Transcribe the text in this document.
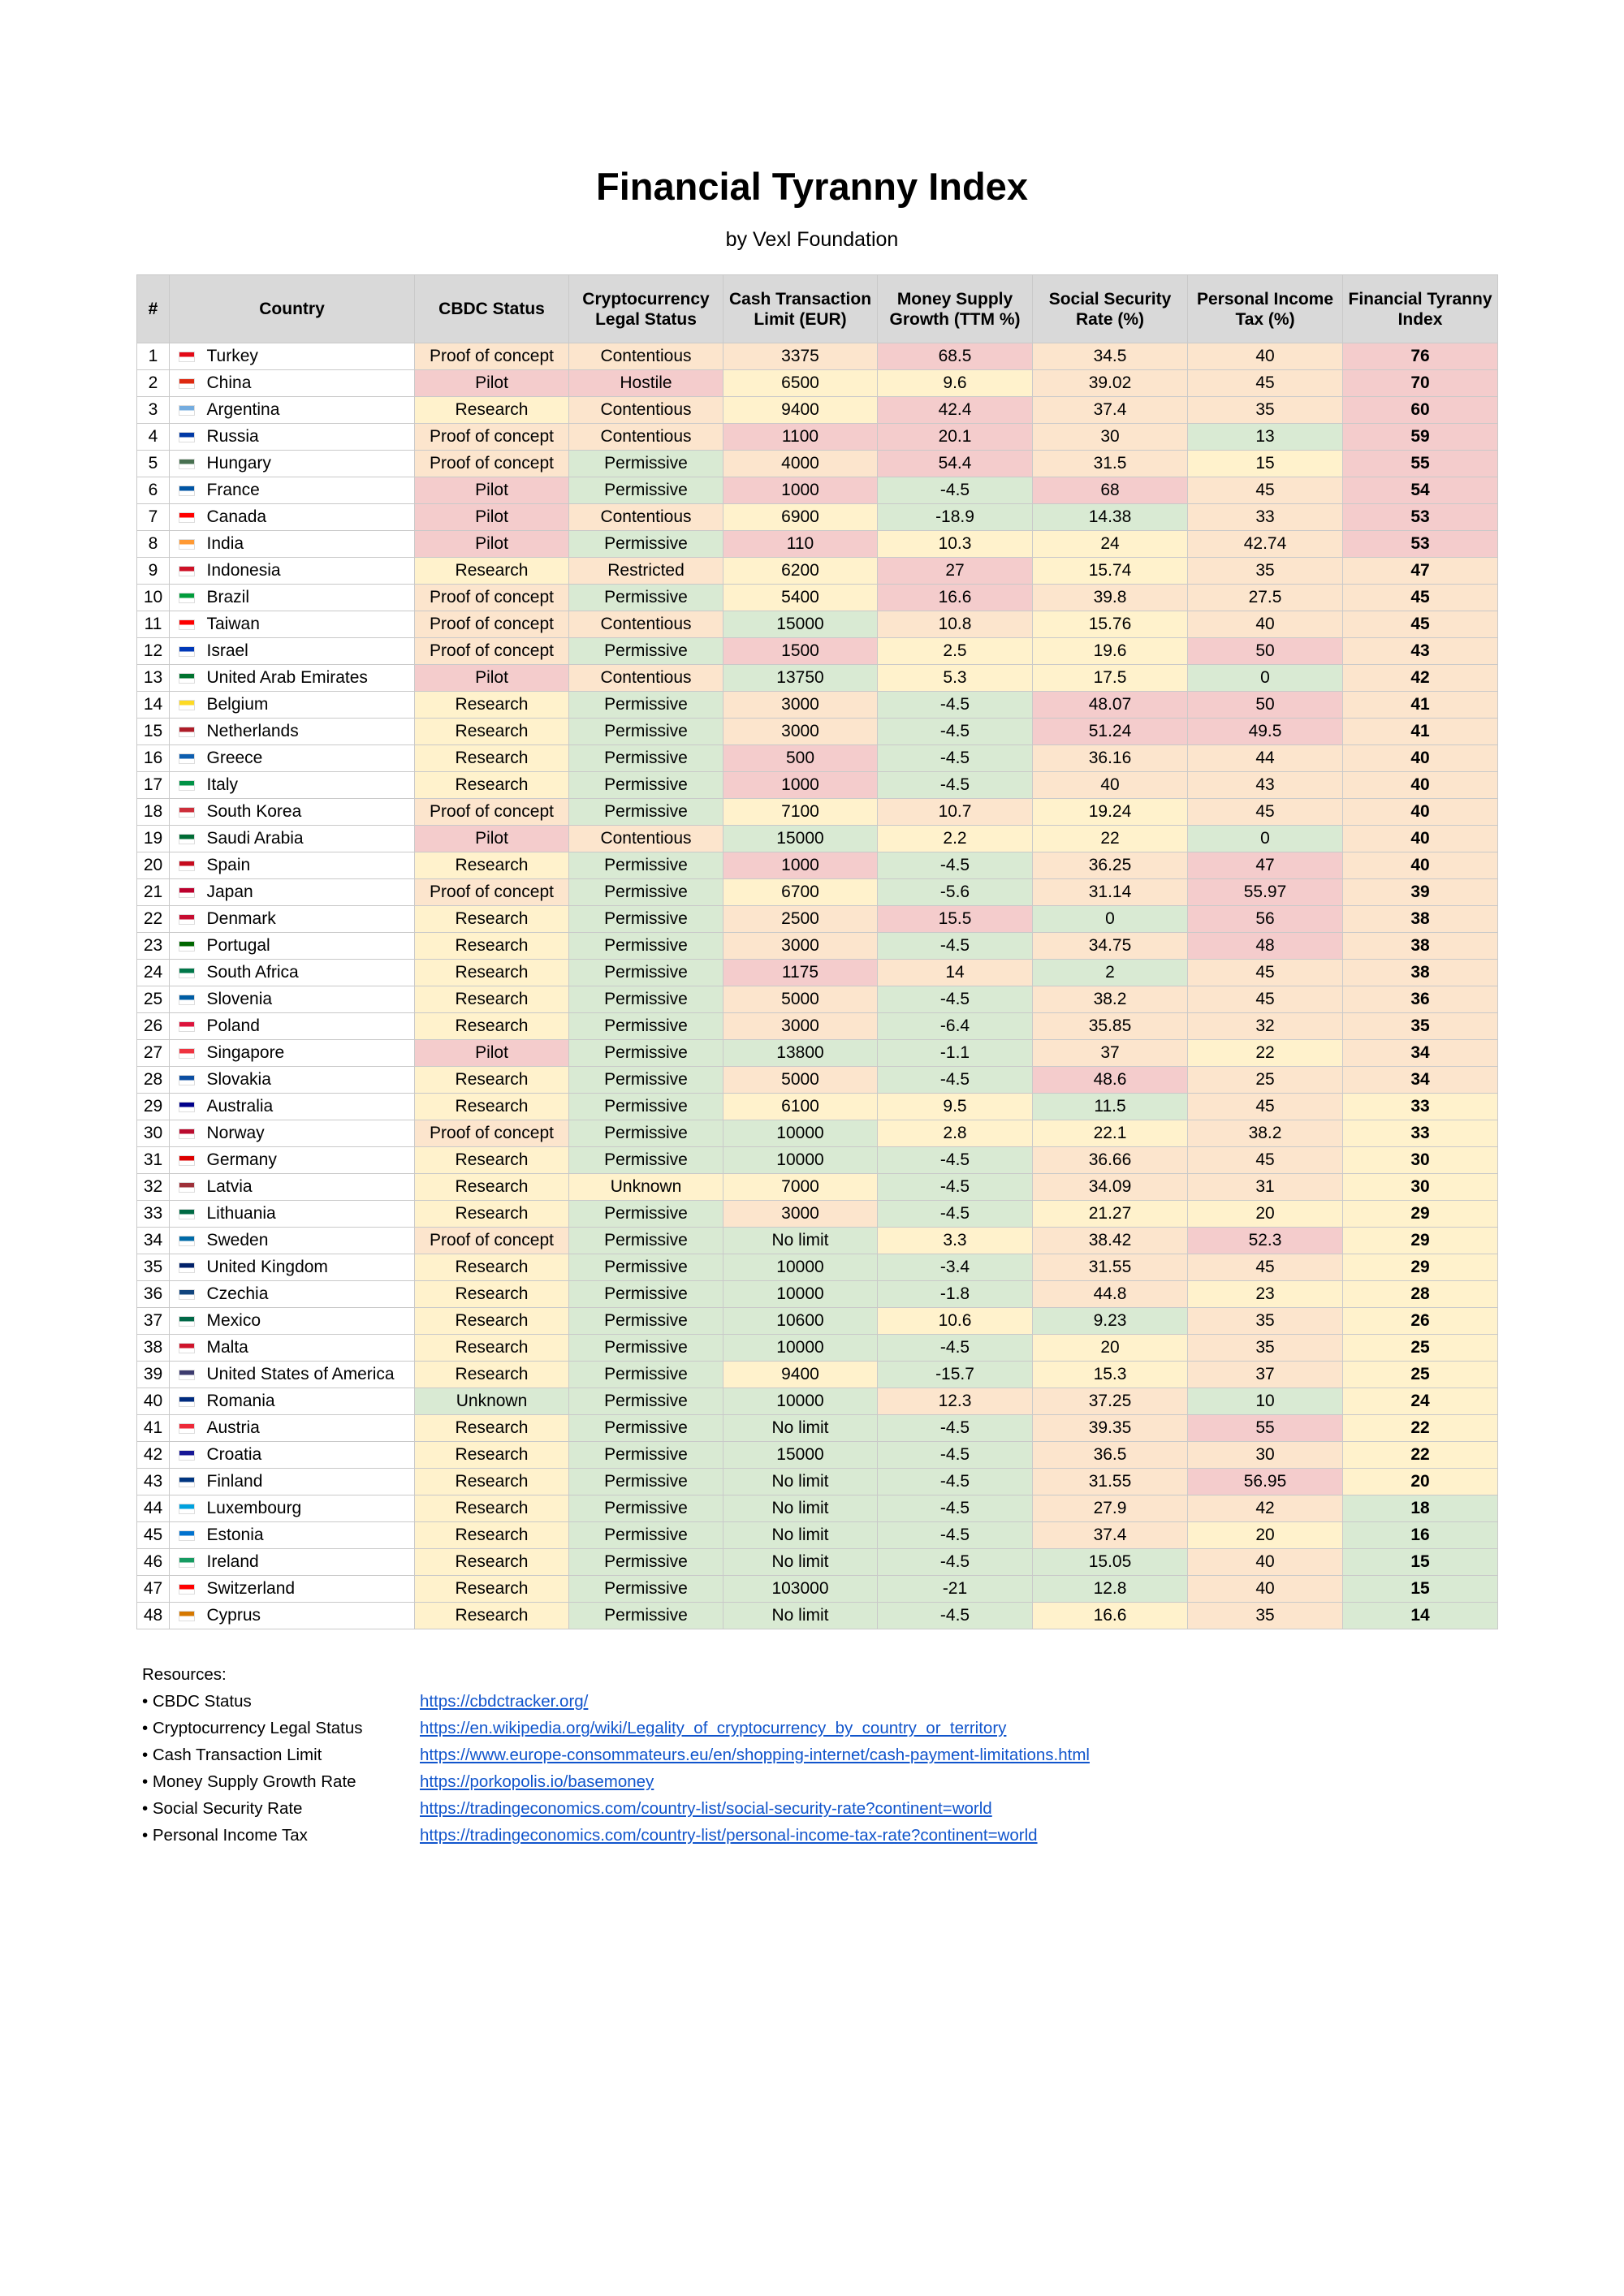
Financial Tyranny Index
by Vexl Foundation
#	Country		CBDC Status	Cryptocurrency Legal Status	Cash Transaction Limit (EUR)	Money Supply Growth (TTM %)	Social Security Rate (%)	Personal Income Tax (%)	Financial Tyranny Index
1		Turkey	Proof of concept	Contentious	3375	68.5	34.5	40	76
2		China	Pilot	Hostile	6500	9.6	39.02	45	70
3		Argentina	Research	Contentious	9400	42.4	37.4	35	60
4		Russia	Proof of concept	Contentious	1100	20.1	30	13	59
5		Hungary	Proof of concept	Permissive	4000	54.4	31.5	15	55
6		France	Pilot	Permissive	1000	-4.5	68	45	54
7		Canada	Pilot	Contentious	6900	-18.9	14.38	33	53
8		India	Pilot	Permissive	110	10.3	24	42.74	53
9		Indonesia	Research	Restricted	6200	27	15.74	35	47
10		Brazil	Proof of concept	Permissive	5400	16.6	39.8	27.5	45
11		Taiwan	Proof of concept	Contentious	15000	10.8	15.76	40	45
12		Israel	Proof of concept	Permissive	1500	2.5	19.6	50	43
13		United Arab Emirates	Pilot	Contentious	13750	5.3	17.5	0	42
14		Belgium	Research	Permissive	3000	-4.5	48.07	50	41
15		Netherlands	Research	Permissive	3000	-4.5	51.24	49.5	41
16		Greece	Research	Permissive	500	-4.5	36.16	44	40
17		Italy	Research	Permissive	1000	-4.5	40	43	40
18		South Korea	Proof of concept	Permissive	7100	10.7	19.24	45	40
19		Saudi Arabia	Pilot	Contentious	15000	2.2	22	0	40
20		Spain	Research	Permissive	1000	-4.5	36.25	47	40
21		Japan	Proof of concept	Permissive	6700	-5.6	31.14	55.97	39
22		Denmark	Research	Permissive	2500	15.5	0	56	38
23		Portugal	Research	Permissive	3000	-4.5	34.75	48	38
24		South Africa	Research	Permissive	1175	14	2	45	38
25		Slovenia	Research	Permissive	5000	-4.5	38.2	45	36
26		Poland	Research	Permissive	3000	-6.4	35.85	32	35
27		Singapore	Pilot	Permissive	13800	-1.1	37	22	34
28		Slovakia	Research	Permissive	5000	-4.5	48.6	25	34
29		Australia	Research	Permissive	6100	9.5	11.5	45	33
30		Norway	Proof of concept	Permissive	10000	2.8	22.1	38.2	33
31		Germany	Research	Permissive	10000	-4.5	36.66	45	30
32		Latvia	Research	Unknown	7000	-4.5	34.09	31	30
33		Lithuania	Research	Permissive	3000	-4.5	21.27	20	29
34		Sweden	Proof of concept	Permissive	No limit	3.3	38.42	52.3	29
35		United Kingdom	Research	Permissive	10000	-3.4	31.55	45	29
36		Czechia	Research	Permissive	10000	-1.8	44.8	23	28
37		Mexico	Research	Permissive	10600	10.6	9.23	35	26
38		Malta	Research	Permissive	10000	-4.5	20	35	25
39		United States of America	Research	Permissive	9400	-15.7	15.3	37	25
40		Romania	Unknown	Permissive	10000	12.3	37.25	10	24
41		Austria	Research	Permissive	No limit	-4.5	39.35	55	22
42		Croatia	Research	Permissive	15000	-4.5	36.5	30	22
43		Finland	Research	Permissive	No limit	-4.5	31.55	56.95	20
44		Luxembourg	Research	Permissive	No limit	-4.5	27.9	42	18
45		Estonia	Research	Permissive	No limit	-4.5	37.4	20	16
46		Ireland	Research	Permissive	No limit	-4.5	15.05	40	15
47		Switzerland	Research	Permissive	103000	-21	12.8	40	15
48		Cyprus	Research	Permissive	No limit	-4.5	16.6	35	14
Resources:
• CBDC Status	https://cbdctracker.org/
• Cryptocurrency Legal Status	https://en.wikipedia.org/wiki/Legality_of_cryptocurrency_by_country_or_territory
• Cash Transaction Limit	https://www.europe-consommateurs.eu/en/shopping-internet/cash-payment-limitations.html
• Money Supply Growth Rate	https://porkopolis.io/basemoney
• Social Security Rate	https://tradingeconomics.com/country-list/social-security-rate?continent=world
• Personal Income Tax	https://tradingeconomics.com/country-list/personal-income-tax-rate?continent=world
